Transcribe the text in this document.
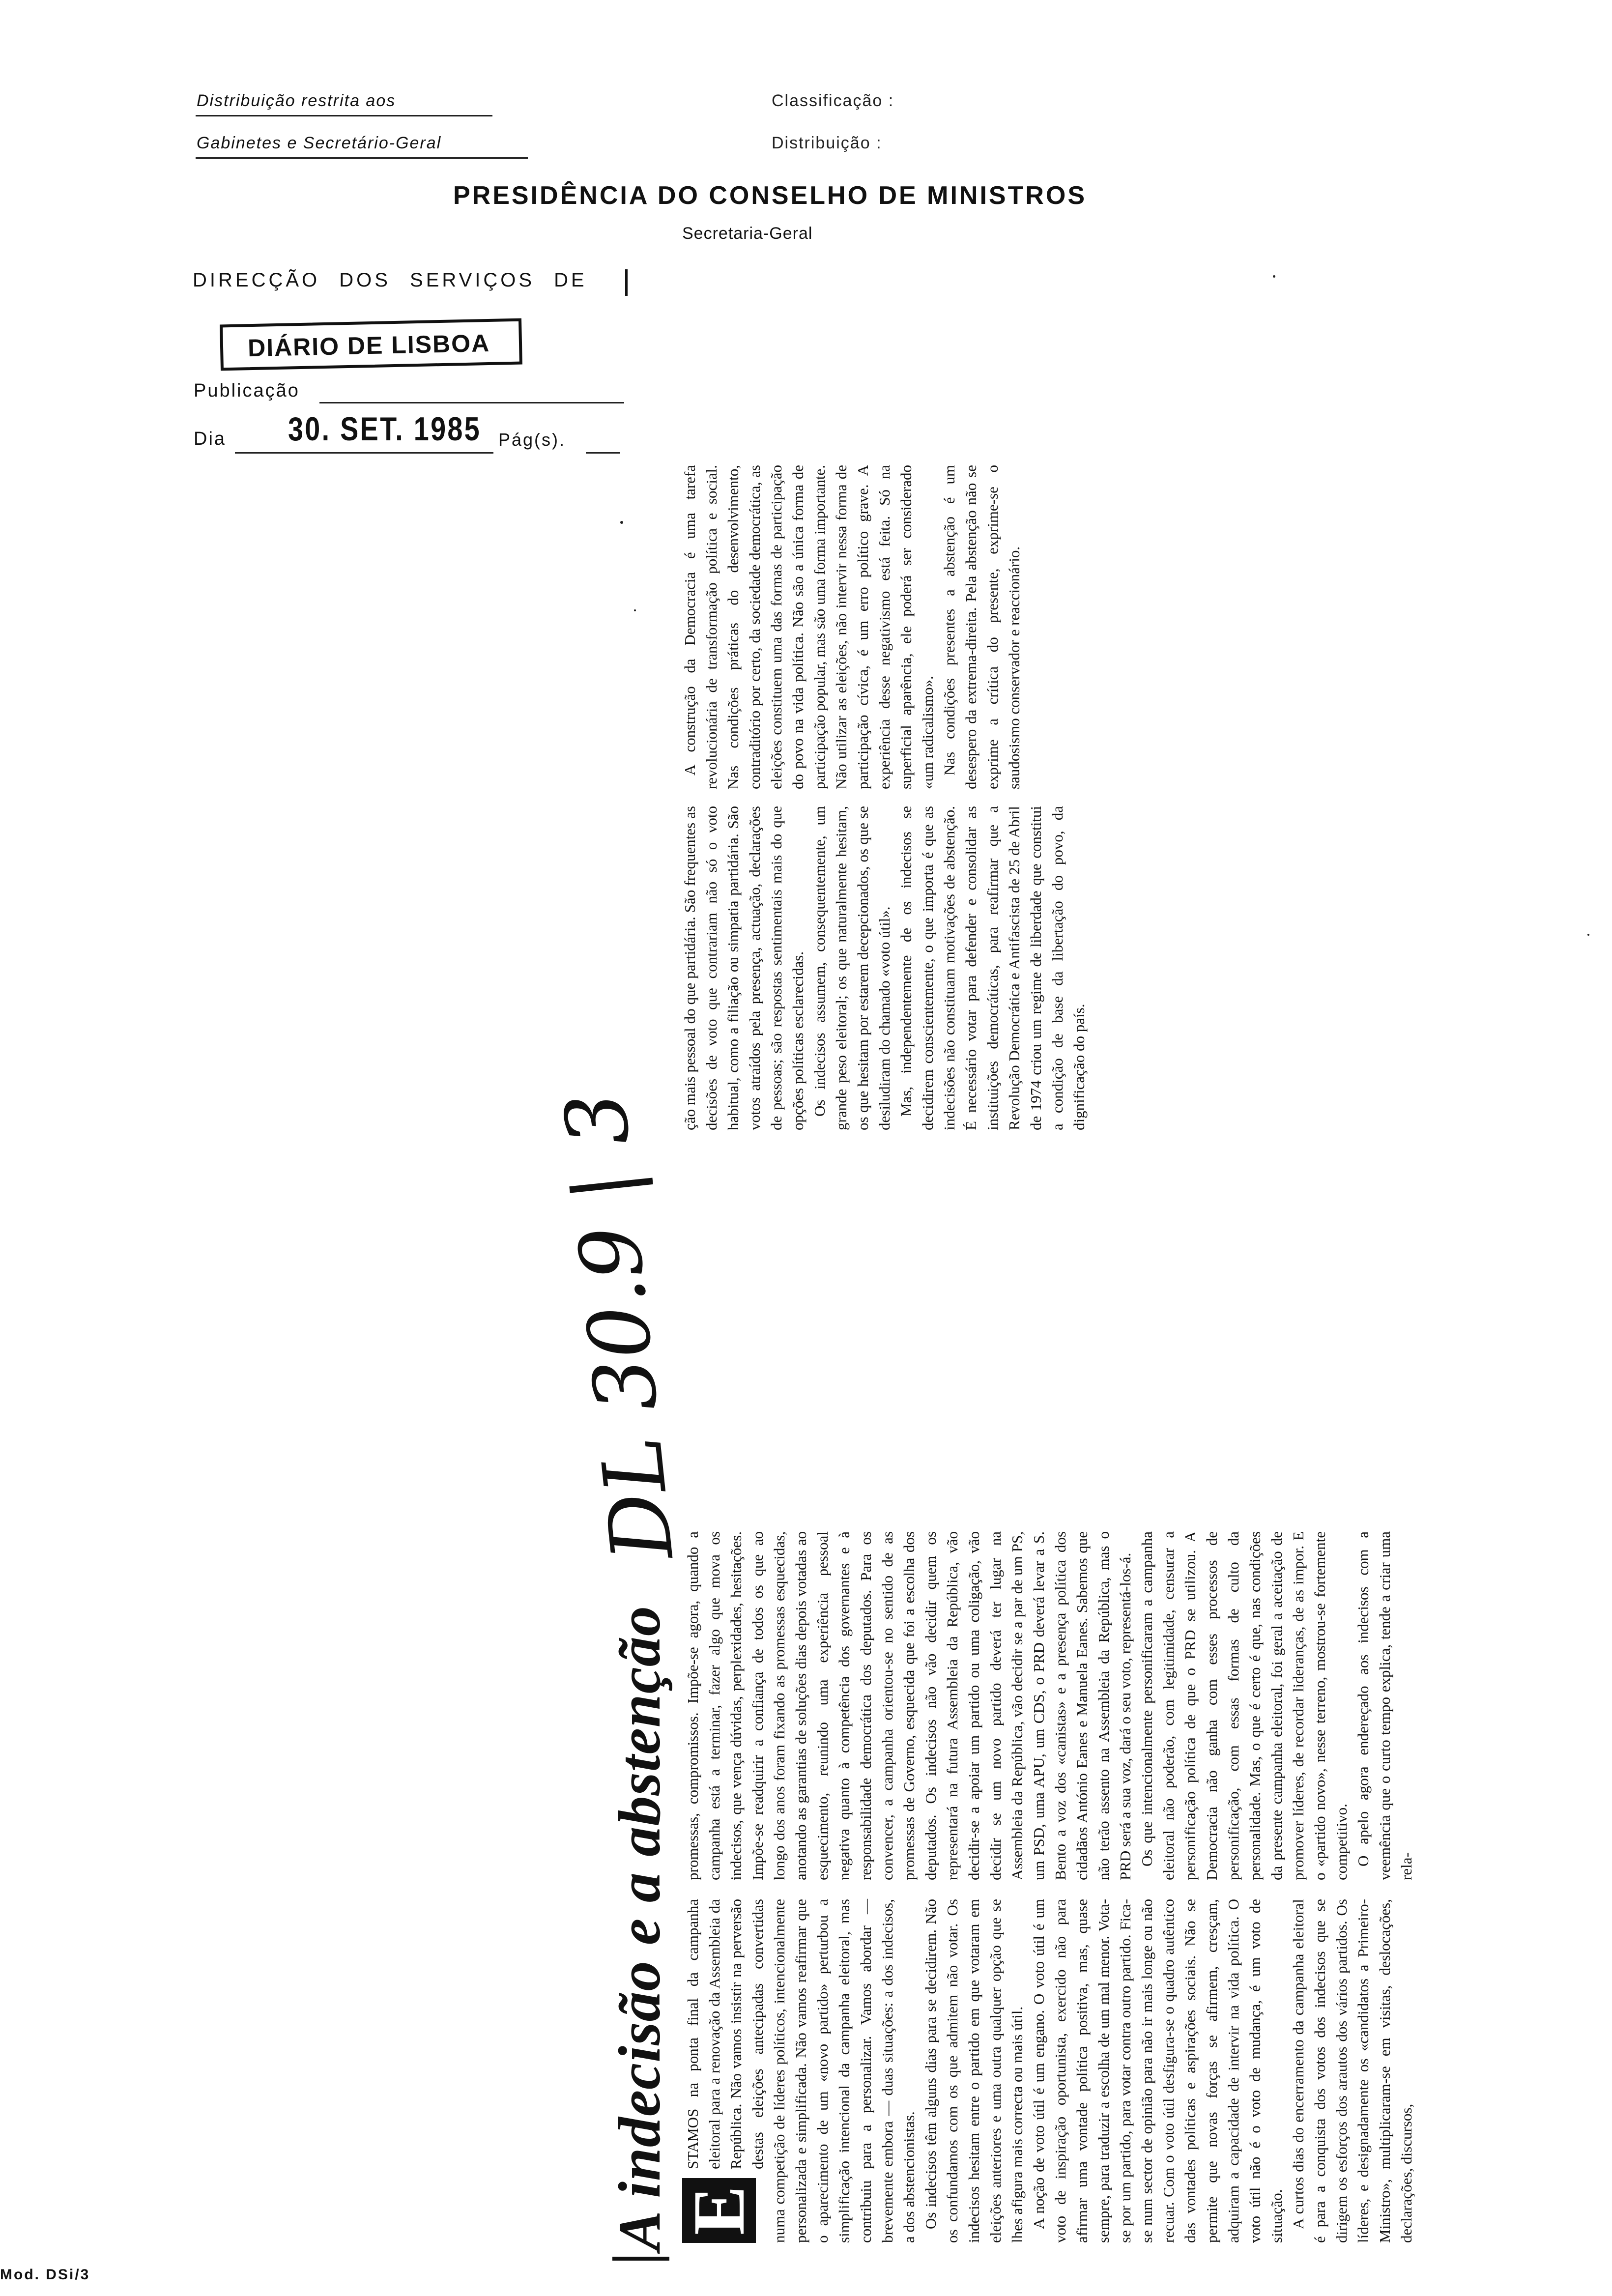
Distribuição restrita aos
Gabinetes e Secretário-Geral
Classificação :
Distribuição :
PRESIDÊNCIA DO CONSELHO DE MINISTROS
Secretaria-Geral
DIRECÇÃO DOS SERVIÇOS DE
DIÁRIO DE LISBOA
Publicação
Dia 30. SET. 1985 Pág(s).
Mod. DSi/3
A indecisão e a abstenção
DL 30.9 | 3
E

STAMOS na ponta final da campanha eleitoral para a renovação da Assembleia da República. Não vamos insistir na perversão destas eleições antecipadas convertidas numa competição de líderes políticos, intencionalmente personalizada e simplificada. Não vamos reafirmar que o aparecimento de um «novo partido» perturbou a simplificação intencional da campanha eleitoral, mas contribuiu para a personalizar. Vamos abordar — brevemente embora — duas situações: a dos indecisos, a dos abstencionistas. Os indecisos têm alguns dias para se decidirem. Não os confundamos com os que admitem não votar. Os indecisos hesitam entre o partido em que votaram em eleições anteriores e uma outra qualquer opção que se lhes afigura mais correcta ou mais útil. A noção de voto útil é um engano. O voto útil é um voto de inspiração oportunista, exercido não para afirmar uma vontade política positiva, mas, quase sempre, para traduzir a escolha de um mal menor. Vota-se por um partido, para votar contra outro partido. Fica-se num sector de opinião para não ir mais longe ou não recuar. Com o voto útil desfigura-se o quadro autêntico das vontades políticas e aspirações sociais. Não se permite que novas forças se afirmem, cresçam, adquiram a capacidade de intervir na vida política. O voto útil não é o voto de mudança, é um voto de situação. A curtos dias do encerramento da campanha eleitoral é para a conquista dos votos dos indecisos que se dirigem os esforços dos arautos dos vários partidos. Os líderes, e designadamente os «candidatos a Primeiro-Ministro», multiplicaram-se em visitas, deslocações, declarações, discursos,

promessas, compromissos. Impõe-se agora, quando a campanha está a terminar, fazer algo que mova os indecisos, que vença dúvidas, perplexidades, hesitações. Impõe-se readquirir a confiança de todos os que ao longo dos anos foram fixando as promessas esquecidas, anotando as garantias de soluções dias depois votadas ao esquecimento, reunindo uma experiência pessoal negativa quanto à competência dos governantes e à responsabilidade democrática dos deputados. Para os convencer, a campanha orientou-se no sentido de as promessas de Governo, esquecida que foi a escolha dos deputados. Os indecisos não vão decidir quem os representará na futura Assembleia da República, vão decidir-se a apoiar um partido ou uma coligação, vão decidir se um novo partido deverá ter lugar na Assembleia da República, vão decidir se a par de um PS, um PSD, uma APU, um CDS, o PRD deverá levar a S. Bento a voz dos «canistas» e a presença política dos cidadãos António Eanes e Manuela Eanes. Sabemos que não terão assento na Assembleia da República, mas o PRD será a sua voz, dará o seu voto, representá-los-á. Os que intencionalmente personificaram a campanha eleitoral não poderão, com legitimidade, censurar a personificação política de que o PRD se utilizou. A Democracia não ganha com esses processos de personificação, com essas formas de culto da personalidade. Mas, o que é certo é que, nas condições da presente campanha eleitoral, foi geral a aceitação de promover líderes, de recordar lideranças, de as impor. E o «partido novo», nesse terreno, mostrou-se fortemente competitivo. O apelo agora endereçado aos indecisos com a veemência que o curto tempo explica, tende a criar uma rela-

ção mais pessoal do que partidária. São frequentes as decisões de voto que contrariam não só o voto habitual, como a filiação ou simpatia partidária. São votos atraídos pela presença, actuação, declarações de pessoas; são respostas sentimentais mais do que opções políticas esclarecidas. Os indecisos assumem, consequentemente, um grande peso eleitoral; os que naturalmente hesitam, os que hesitam por estarem decepcionados, os que se desiludiram do chamado «voto útil». Mas, independentemente de os indecisos se decidirem conscientemente, o que importa é que as indecisões não constituam motivações de abstenção. É necessário votar para defender e consolidar as instituições democráticas, para reafirmar que a Revolução Democrática e Antifascista de 25 de Abril de 1974 criou um regime de liberdade que constitui a condição de base da libertação do povo, da dignificação do país.

A construção da Democracia é uma tarefa revolucionária de transformação política e social. Nas condições práticas do desenvolvimento, contraditório por certo, da sociedade democrática, as eleições constituem uma das formas de participação do povo na vida política. Não são a única forma de participação popular, mas são uma forma importante. Não utilizar as eleições, não intervir nessa forma de participação cívica, é um erro político grave. A experiência desse negativismo está feita. Só na superficial aparência, ele poderá ser considerado «um radicalismo». Nas condições presentes a abstenção é um desespero da extrema-direita. Pela abstenção não se exprime a crítica do presente, exprime-se o saudosismo conservador e reaccionário.
